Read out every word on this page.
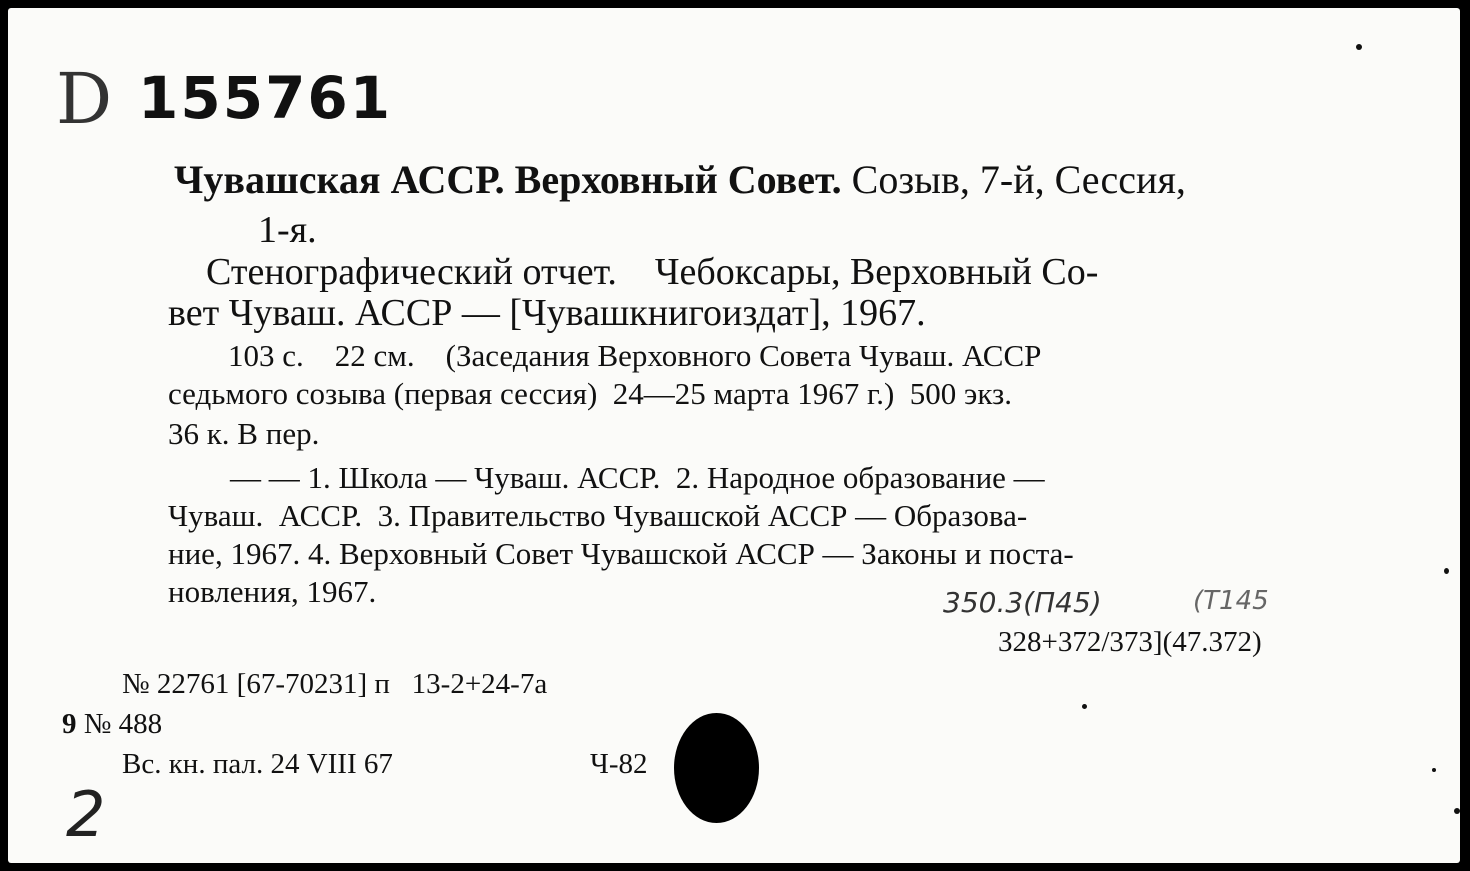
D 155761
Чувашская АССР. Верховный Совет. Созыв, 7-й, Сессия,
1-я.
Стенографический отчет.    Чебоксары, Верховный Со-
вет Чуваш. АССР — [Чувашкнигоиздат], 1967.
103 с.    22 см.    (Заседания Верховного Совета Чуваш. АССР
седьмого созыва (первая сессия)  24—25 марта 1967 г.)  500 экз.
36 к. В пер.
— — 1. Школа — Чуваш. АССР.  2. Народное образование —
Чуваш.  АССР.  3. Правительство Чувашской АССР — Образова-
ние, 1967. 4. Верховный Совет Чувашской АССР — Законы и поста-
новления, 1967.	350.3(П45)	(Т145
328+372/373](47.372)
№ 22761 [67-70231] п   13-2+24-7а
9 № 488
Вс. кн. пал. 24 VIII 67	Ч-82
2
